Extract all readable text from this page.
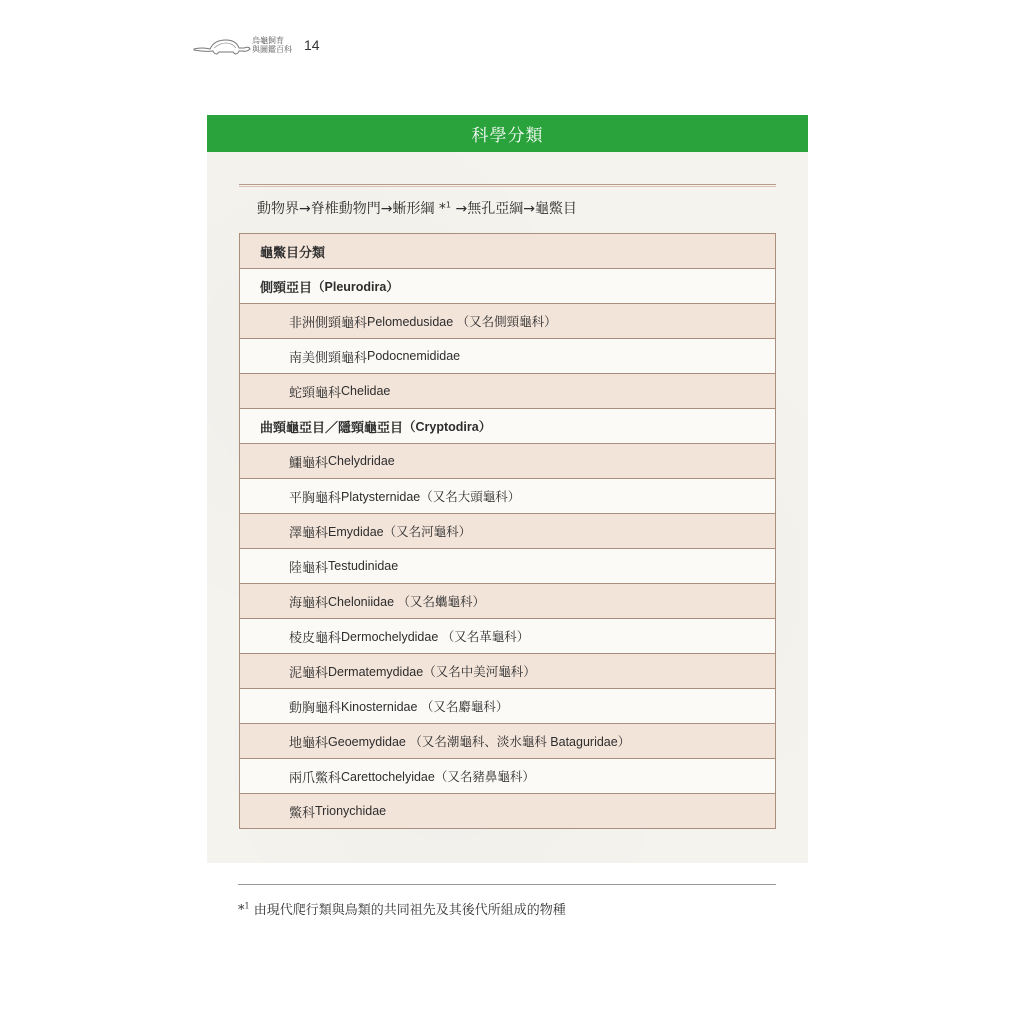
烏龜飼育
與圖鑑百科 14
科學分類
動物界→脊椎動物門→蜥形綱 *$^1$ →無孔亞綱→龜鱉目
龜鱉目分類
側頸亞目 （Pleurodira）
非洲側頸龜科 Pelomedusidae （又名側頸龜科）
南美側頸龜科 Podocnemididae
蛇頸龜科 Chelidae
曲頸龜亞目／隱頸龜亞目 （Cryptodira）
鱷龜科 Chelydridae
平胸龜科 Platysternidae（又名大頭龜科）
澤龜科 Emydidae（又名河龜科）
陸龜科 Testudinidae
海龜科 Cheloniidae （又名蠵龜科）
棱皮龜科 Dermochelydidae （又名革龜科）
泥龜科 Dermatemydidae（又名中美河龜科）
動胸龜科 Kinosternidae （又名麝龜科）
地龜科 Geoemydidae （又名潮龜科、淡水龜科 Bataguridae）
兩爪鱉科 Carettochelyidae（又名豬鼻龜科）
鱉科 Trionychidae
*$^1$ 由現代爬行類與鳥類的共同祖先及其後代所組成的物種
